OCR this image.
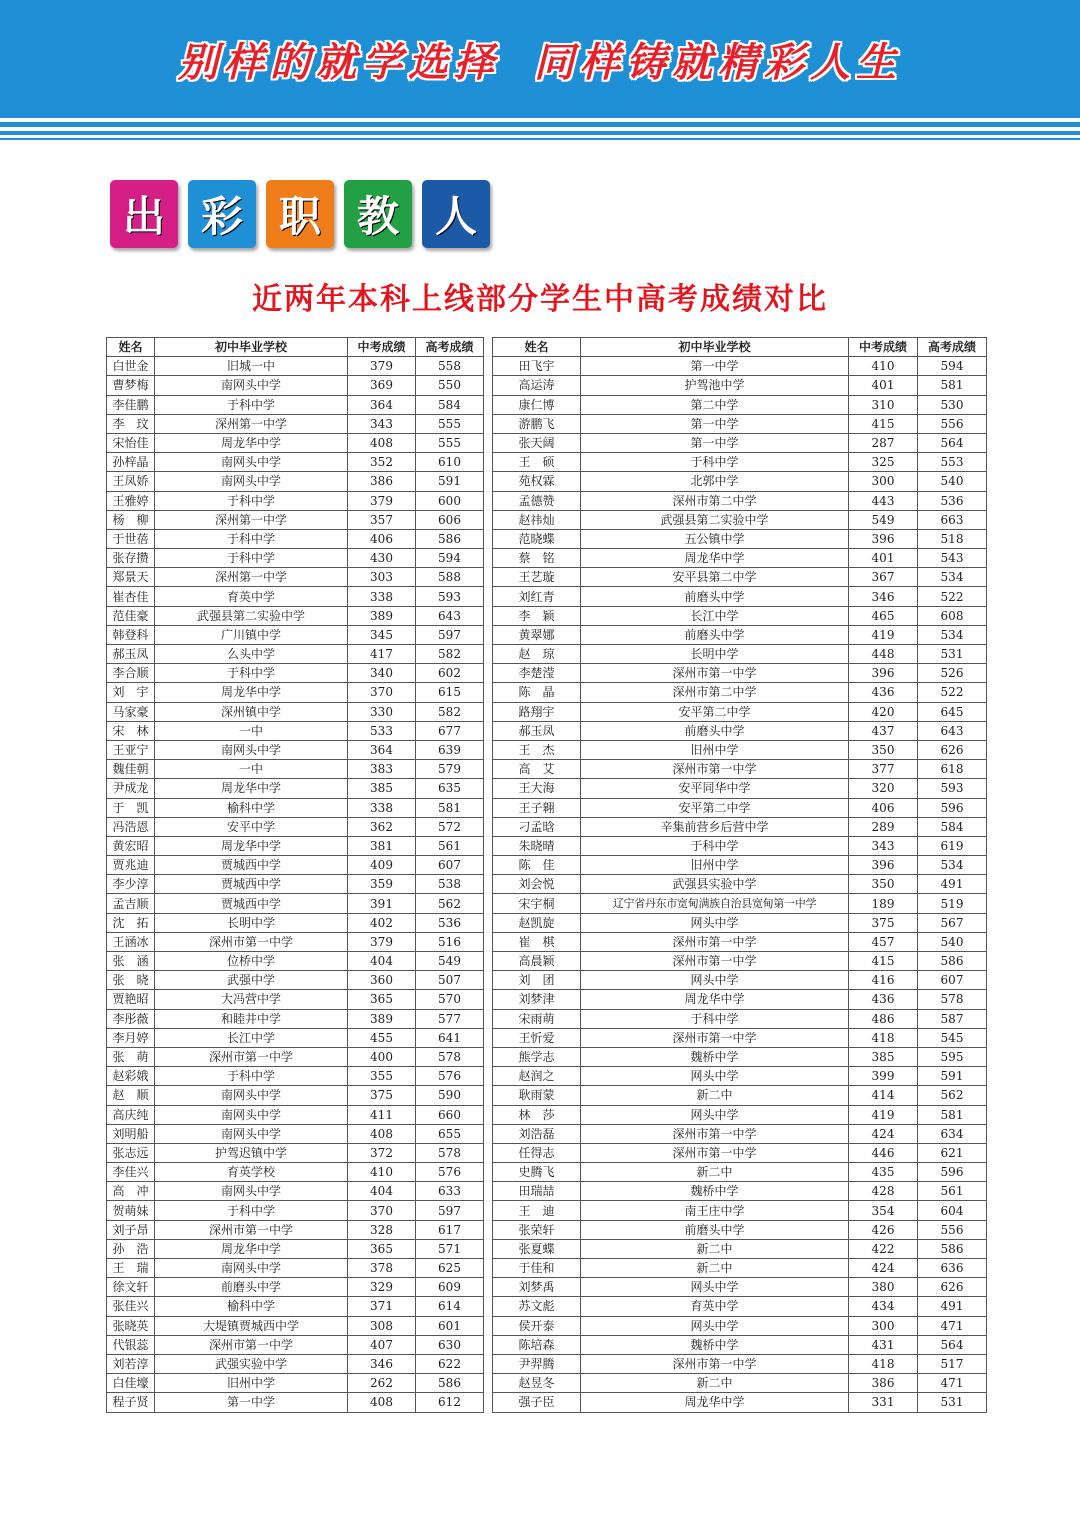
别样的就学选择 同样铸就精彩人生
出 彩 职 教 人
近两年本科上线部分学生中高考成绩对比
姓名	初中毕业学校	中考成绩	高考成绩
白世金	旧城一中	379	558
曹梦梅	南网头中学	369	550
李佳鹏	于科中学	364	584
李　玟	深州第一中学	343	555
宋怡佳	周龙华中学	408	555
孙梓晶	南网头中学	352	610
王凤娇	南网头中学	386	591
王雅婷	于科中学	379	600
杨　柳	深州第一中学	357	606
于世蓓	于科中学	406	586
张存攒	于科中学	430	594
郑景天	深州第一中学	303	588
崔杏佳	育英中学	338	593
范佳豪	武强县第二实验中学	389	643
韩登科	广川镇中学	345	597
郝玉凤	么头中学	417	582
李合顺	于科中学	340	602
刘　宇	周龙华中学	370	615
马家豪	深州镇中学	330	582
宋　林	一中	533	677
王亚宁	南网头中学	364	639
魏佳朝	一中	383	579
尹成龙	周龙华中学	385	635
于　凯	榆科中学	338	581
冯浩恩	安平中学	362	572
黄宏昭	周龙华中学	381	561
贾兆迪	贾城西中学	409	607
李少淳	贾城西中学	359	538
孟吉顺	贾城西中学	391	562
沈　拓	长明中学	402	536
王涵冰	深州市第一中学	379	516
张　涵	位桥中学	404	549
张　晓	武强中学	360	507
贾艳昭	大冯营中学	365	570
李彤薇	和睦井中学	389	577
李月婷	长江中学	455	641
张　萌	深州市第一中学	400	578
赵彩娥	于科中学	355	576
赵　顺	南网头中学	375	590
高庆纯	南网头中学	411	660
刘明船	南网头中学	408	655
张志远	护驾迟镇中学	372	578
李佳兴	育英学校	410	576
高　冲	南网头中学	404	633
贺萌妹	于科中学	370	597
刘子昂	深州市第一中学	328	617
孙　浩	周龙华中学	365	571
王　瑞	南网头中学	378	625
徐文轩	前磨头中学	329	609
张佳兴	榆科中学	371	614
张晓英	大堤镇贾城西中学	308	601
代银蕊	深州市第一中学	407	630
刘若淳	武强实验中学	346	622
白佳壕	旧州中学	262	586
程子贤	第一中学	408	612
姓名	初中毕业学校	中考成绩	高考成绩
田飞宇	第一中学	410	594
高运涛	护驾池中学	401	581
康仁博	第二中学	310	530
游鹏飞	第一中学	415	556
张天阔	第一中学	287	564
王　硕	于科中学	325	553
苑权霖	北郭中学	300	540
孟德赞	深州市第二中学	443	536
赵祎灿	武强县第二实验中学	549	663
范晓蝶	五公镇中学	396	518
蔡　铭	周龙华中学	401	543
王艺璇	安平县第二中学	367	534
刘红青	前磨头中学	346	522
李　颖	长江中学	465	608
黄翠娜	前磨头中学	419	534
赵　琼	长明中学	448	531
李楚滢	深州市第一中学	396	526
陈　晶	深州市第二中学	436	522
路翔宇	安平第二中学	420	645
郝玉凤	前磨头中学	437	643
王　杰	旧州中学	350	626
高　艾	深州市第一中学	377	618
王大海	安平同华中学	320	593
王子翱	安平第二中学	406	596
刁孟晗	辛集前营乡后营中学	289	584
朱晓晴	于科中学	343	619
陈　佳	旧州中学	396	534
刘会悦	武强县实验中学	350	491
宋宇桐	辽宁省丹东市宽甸满族自治县宽甸第一中学	189	519
赵凯旋	网头中学	375	567
崔　棋	深州市第一中学	457	540
高晨颖	深州市第一中学	415	586
刘　团	网头中学	416	607
刘梦津	周龙华中学	436	578
宋雨萌	于科中学	486	587
王忻爱	深州市第一中学	418	545
熊学志	魏桥中学	385	595
赵润之	网头中学	399	591
耿雨蒙	新二中	414	562
林　莎	网头中学	419	581
刘浩磊	深州市第一中学	424	634
任得志	深州市第一中学	446	621
史腾飞	新二中	435	596
田瑞喆	魏桥中学	428	561
王　迪	南王庄中学	354	604
张荣轩	前磨头中学	426	556
张夏蝶	新二中	422	586
于佳和	新二中	424	636
刘梦禹	网头中学	380	626
苏文彪	育英中学	434	491
侯开泰	网头中学	300	471
陈培森	魏桥中学	431	564
尹羿腾	深州市第一中学	418	517
赵昱冬	新二中	386	471
强子臣	周龙华中学	331	531
